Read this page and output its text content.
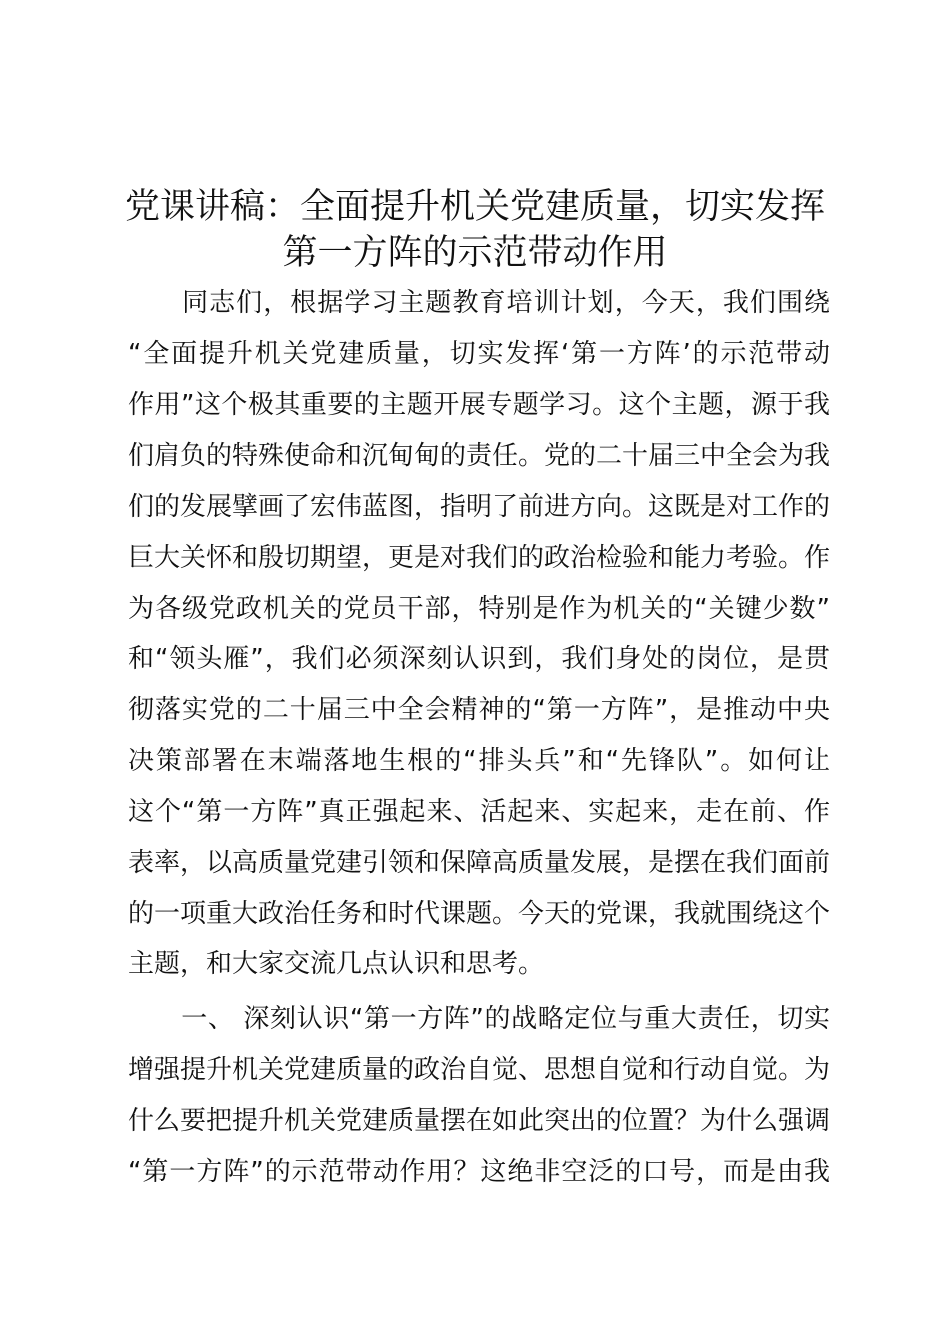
党课讲稿：全面提升机关党建质量，切实发挥
第一方阵的示范带动作用

　　同志们，根据学习主题教育培训计划，今天，我们围绕

“全面提升机关党建质量，切实发挥‘第一方阵’的示范带动

作用”这个极其重要的主题开展专题学习。这个主题，源于我

们肩负的特殊使命和沉甸甸的责任。党的二十届三中全会为我

们的发展擘画了宏伟蓝图，指明了前进方向。这既是对工作的

巨大关怀和殷切期望，更是对我们的政治检验和能力考验。作

为各级党政机关的党员干部，特别是作为机关的“关键少数”

和“领头雁”，我们必须深刻认识到，我们身处的岗位，是贯

彻落实党的二十届三中全会精神的“第一方阵”，是推动中央

决策部署在末端落地生根的“排头兵”和“先锋队”。如何让

这个“第一方阵”真正强起来、活起来、实起来，走在前、作

表率，以高质量党建引领和保障高质量发展，是摆在我们面前

的一项重大政治任务和时代课题。今天的党课，我就围绕这个

主题，和大家交流几点认识和思考。

　　一、 深刻认识“第一方阵”的战略定位与重大责任，切实

增强提升机关党建质量的政治自觉、思想自觉和行动自觉。为

什么要把提升机关党建质量摆在如此突出的位置？为什么强调

“第一方阵”的示范带动作用？这绝非空泛的口号，而是由我
